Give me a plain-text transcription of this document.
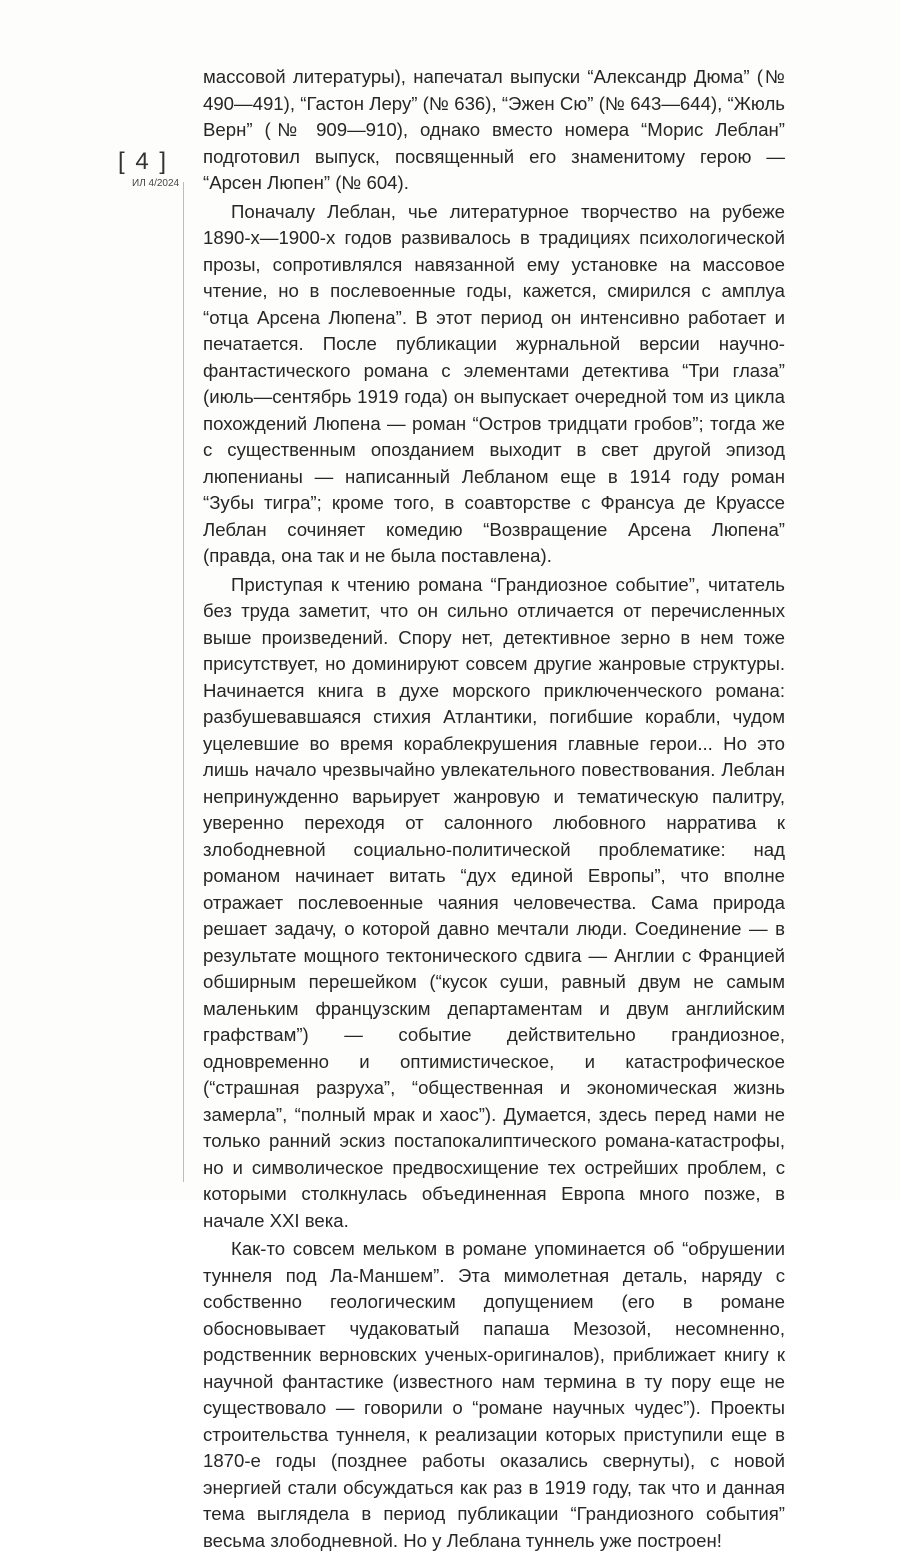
[ 4 ]
ИЛ 4/2024

массовой литературы), напечатал выпуски “Александр Дюма” (№ 490—491), “Гастон Леру” (№ 636), “Эжен Сю” (№ 643—644), “Жюль Верн” (№ 909—910), однако вместо номера “Морис Леблан” подготовил выпуск, посвященный его знаменитому герою — “Арсен Люпен” (№ 604).

Поначалу Леблан, чье литературное творчество на рубеже 1890-х—1900-х годов развивалось в традициях психологической прозы, сопротивлялся навязанной ему установке на массовое чтение, но в послевоенные годы, кажется, смирился с амплуа “отца Арсена Люпена”. В этот период он интенсивно работает и печатается. После публикации журнальной версии научно-фантастического романа с элементами детектива “Три глаза” (июль—сентябрь 1919 года) он выпускает очередной том из цикла похождений Люпена — роман “Остров тридцати гробов”; тогда же с существенным опозданием выходит в свет другой эпизод люпенианы — написанный Лебланом еще в 1914 году роман “Зубы тигра”; кроме того, в соавторстве с Франсуа де Круассе Леблан сочиняет комедию “Возвращение Арсена Люпена” (правда, она так и не была поставлена).

Приступая к чтению романа “Грандиозное событие”, читатель без труда заметит, что он сильно отличается от перечисленных выше произведений. Спору нет, детективное зерно в нем тоже присутствует, но доминируют совсем другие жанровые структуры. Начинается книга в духе морского приключенческого романа: разбушевавшаяся стихия Атлантики, погибшие корабли, чудом уцелевшие во время кораблекрушения главные герои... Но это лишь начало чрезвычайно увлекательного повествования. Леблан непринужденно варьирует жанровую и тематическую палитру, уверенно переходя от салонного любовного нарратива к злободневной социально-политической проблематике: над романом начинает витать “дух единой Европы”, что вполне отражает послевоенные чаяния человечества. Сама природа решает задачу, о которой давно мечтали люди. Соединение — в результате мощного тектонического сдвига — Англии с Францией обширным перешейком (“кусок суши, равный двум не самым маленьким французским департаментам и двум английским графствам”) — событие действительно грандиозное, одновременно и оптимистическое, и катастрофическое (“страшная разруха”, “общественная и экономическая жизнь замерла”, “полный мрак и хаос”). Думается, здесь перед нами не только ранний эскиз постапокалиптического романа-катастрофы, но и символическое предвосхищение тех острейших проблем, с которыми столкнулась объединенная Европа много позже, в начале XXI века.

Как-то совсем мельком в романе упоминается об “обрушении туннеля под Ла-Маншем”. Эта мимолетная деталь, наряду с собственно геологическим допущением (его в романе обосновывает чудаковатый папаша Мезозой, несомненно, родственник верновских ученых-оригиналов), приближает книгу к научной фантастике (известного нам термина в ту пору еще не существовало — говорили о “романе научных чудес”). Проекты строительства туннеля, к реализации которых приступили еще в 1870-е годы (позднее работы оказались свернуты), с новой энергией стали обсуждаться как раз в 1919 году, так что и данная тема выглядела в период публикации “Грандиозного события” весьма злободневной. Но у Леблана туннель уже построен!
